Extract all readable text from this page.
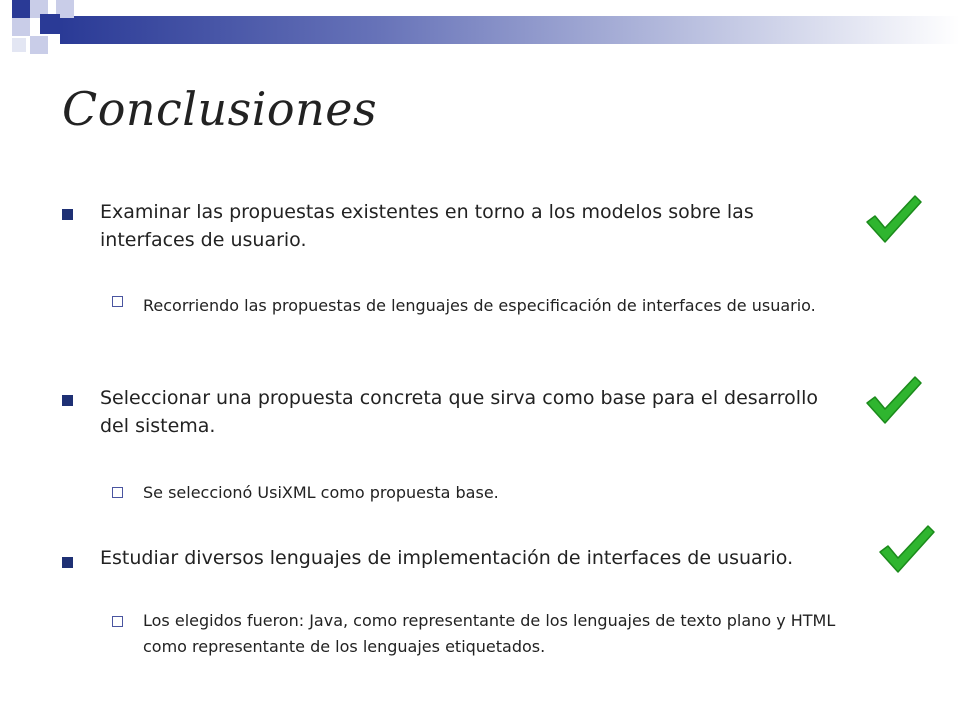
Conclusiones
Examinar las propuestas existentes en torno a los modelos sobre las interfaces de usuario.
Recorriendo las propuestas de lenguajes de especificación de interfaces de usuario.
Seleccionar una propuesta concreta que sirva como base para el desarrollo del sistema.
Se seleccionó UsiXML como propuesta base.
Estudiar diversos lenguajes de implementación de interfaces de usuario.
Los elegidos fueron: Java, como representante de los lenguajes de texto plano y HTML como representante de los lenguajes etiquetados.
